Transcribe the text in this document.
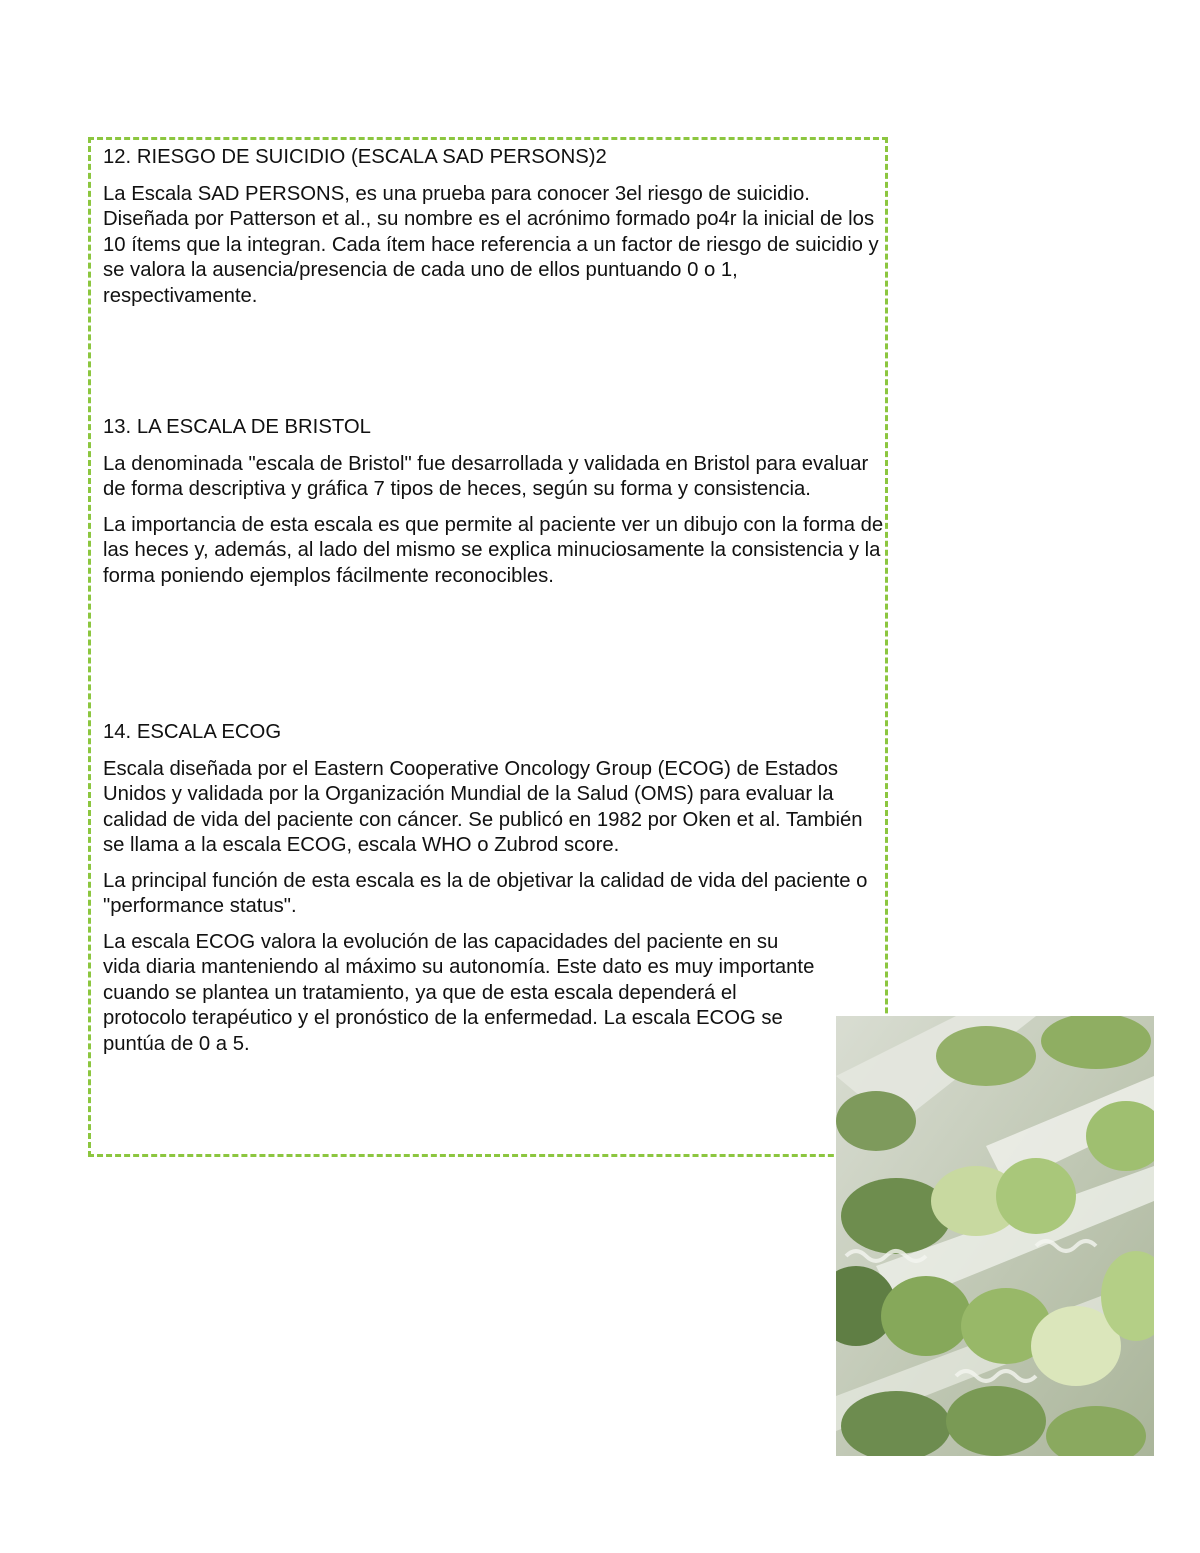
12. RIESGO DE SUICIDIO (ESCALA SAD PERSONS)2

La Escala SAD PERSONS, es una prueba para conocer 3el riesgo de suicidio. Diseñada por Patterson et al., su nombre es el acrónimo formado po4r la inicial de los 10 ítems que la integran. Cada ítem hace referencia a un factor de riesgo de suicidio y se valora la ausencia/presencia de cada uno de ellos puntuando 0 o 1, respectivamente.

13. LA ESCALA DE BRISTOL

La denominada "escala de Bristol" fue desarrollada y validada en Bristol para evaluar de forma descriptiva y gráfica 7 tipos de heces, según su forma y consistencia.

La importancia de esta escala es que permite al paciente ver un dibujo con la forma de las heces y, además, al lado del mismo se explica minuciosamente la consistencia y la forma poniendo ejemplos fácilmente reconocibles.

14. ESCALA ECOG

Escala diseñada por el Eastern Cooperative Oncology Group (ECOG) de Estados Unidos y validada por la Organización Mundial de la Salud (OMS) para evaluar la calidad de vida del paciente con cáncer. Se publicó en 1982 por Oken et al. También se llama a la escala ECOG, escala WHO o Zubrod score.

La principal función de esta escala es la de objetivar la calidad de vida del paciente o "performance status".

La escala ECOG valora la evolución de las capacidades del paciente en su vida diaria manteniendo al máximo su autonomía. Este dato es muy importante cuando se plantea un tratamiento, ya que de esta escala dependerá el protocolo terapéutico y el pronóstico de la enfermedad. La escala ECOG se puntúa de 0 a 5.
